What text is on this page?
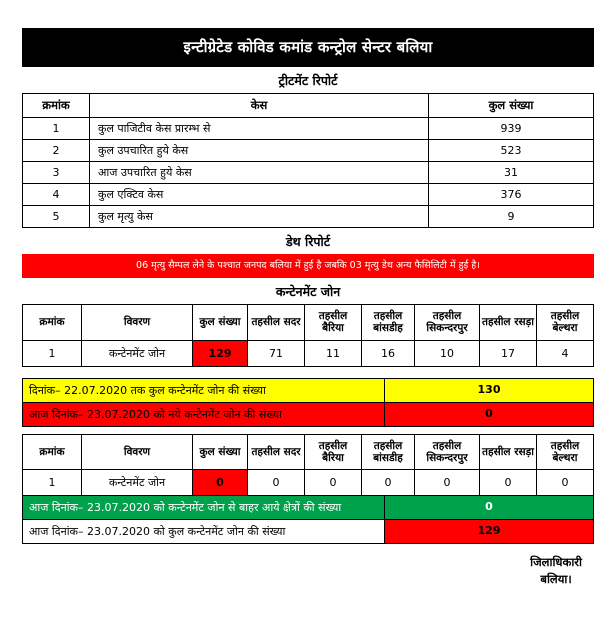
इन्टीग्रेटेड कोविड कमांड कन्ट्रोल सेन्टर बलिया
ट्रीटमेंट रिपोर्ट
क्रमांक	केस	कुल संख्या
1	कुल पाजिटीव केस प्रारम्भ से	939
2	कुल उपचारित हुये केस	523
3	आज उपचारित हुये केस	31
4	कुल एक्टिव केस	376
5	कुल मृत्यु केस	9
डेथ रिपोर्ट
06 मृत्यु सैम्पल लेने के पश्चात जनपद बलिया में हुई है जबकि 03 मृत्यु डेथ अन्य फैसिलिटी में हुई है।
कन्टेनमेंट जोन
क्रमांक	विवरण	कुल संख्या	तहसील सदर	तहसील बैरिया	तहसील बांसडीह	तहसील सिकन्दरपुर	तहसील रसड़ा	तहसील बेल्थरा
1	कन्टेनमेंट जोन	129	71	11	16	10	17	4
दिनांक– 22.07.2020 तक कुल कन्टेनमेंट जोन की संख्या	130
आज दिनांक– 23.07.2020 को नये कन्टेनमेंट जोन की संख्या	0
क्रमांक	विवरण	कुल संख्या	तहसील सदर	तहसील बैरिया	तहसील बांसडीह	तहसील सिकन्दरपुर	तहसील रसड़ा	तहसील बेल्थरा
1	कन्टेनमेंट जोन	0	0	0	0	0	0	0
आज दिनांक– 23.07.2020 को कन्टेनमेंट जोन से बाहर आये क्षेत्रों की संख्या	0
आज दिनांक– 23.07.2020 को कुल कन्टेनमेंट जोन की संख्या	129
जिलाधिकारी
बलिया।
